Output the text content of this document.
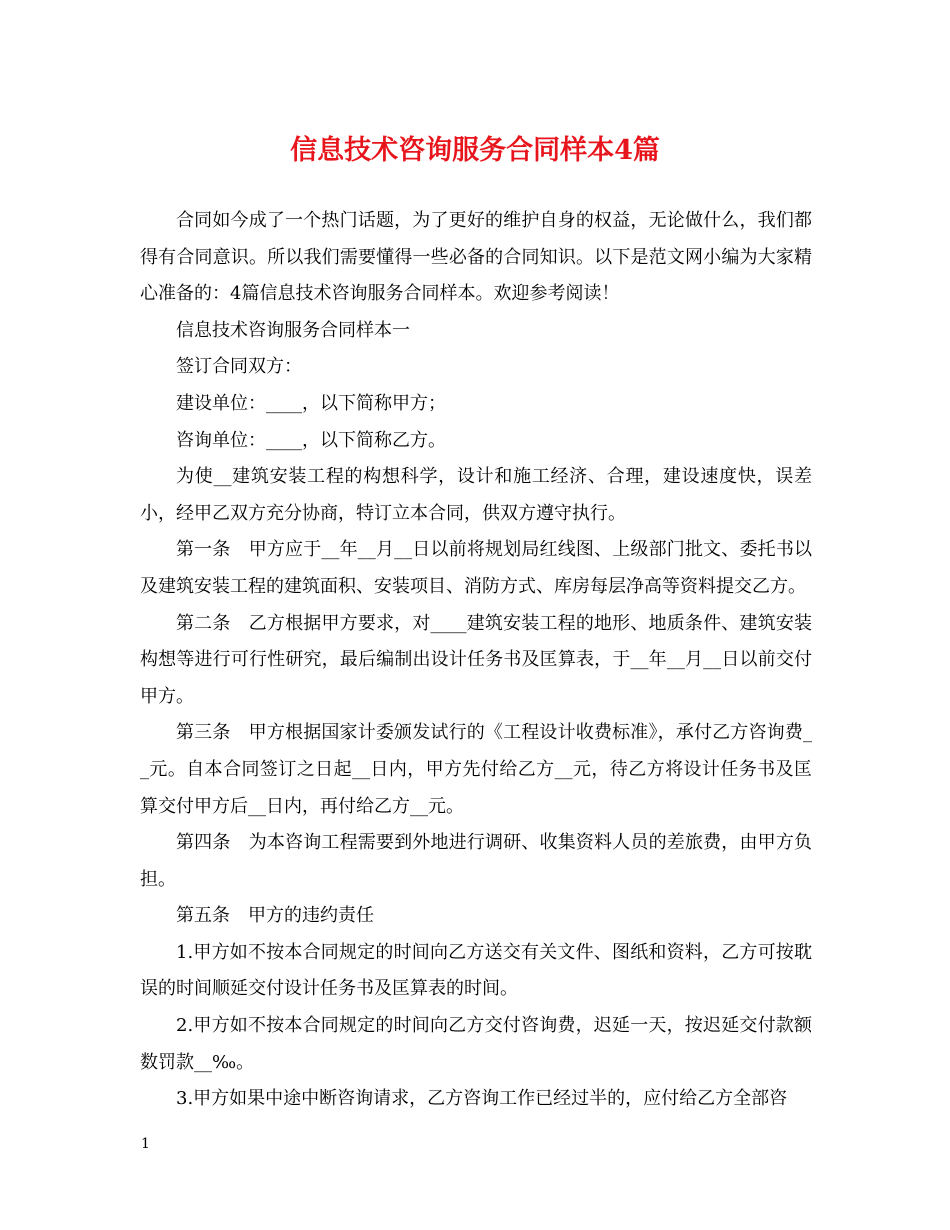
信息技术咨询服务合同样本4篇

合同如今成了一个热门话题，为了更好的维护自身的权益，无论做什么，我们都得有合同意识。所以我们需要懂得一些必备的合同知识。以下是范文网小编为大家精心准备的：4篇信息技术咨询服务合同样本。欢迎参考阅读！

信息技术咨询服务合同样本一

签订合同双方：

建设单位：____，以下简称甲方；

咨询单位：____，以下简称乙方。

为使__建筑安装工程的构想科学，设计和施工经济、合理，建设速度快，误差小，经甲乙双方充分协商，特订立本合同，供双方遵守执行。

第一条　甲方应于__年__月__日以前将规划局红线图、上级部门批文、委托书以及建筑安装工程的建筑面积、安装项目、消防方式、库房每层净高等资料提交乙方。

第二条　乙方根据甲方要求，对____建筑安装工程的地形、地质条件、建筑安装构想等进行可行性研究，最后编制出设计任务书及匡算表，于__年__月__日以前交付甲方。

第三条　甲方根据国家计委颁发试行的《工程设计收费标准》，承付乙方咨询费__元。自本合同签订之日起__日内，甲方先付给乙方__元，待乙方将设计任务书及匡算交付甲方后__日内，再付给乙方__元。

第四条　为本咨询工程需要到外地进行调研、收集资料人员的差旅费，由甲方负担。

第五条　甲方的违约责任

1.甲方如不按本合同规定的时间向乙方送交有关文件、图纸和资料，乙方可按耽误的时间顺延交付设计任务书及匡算表的时间。

2.甲方如不按本合同规定的时间向乙方交付咨询费，迟延一天，按迟延交付款额数罚款__‰。

3.甲方如果中途中断咨询请求，乙方咨询工作已经过半的，应付给乙方全部咨

1
